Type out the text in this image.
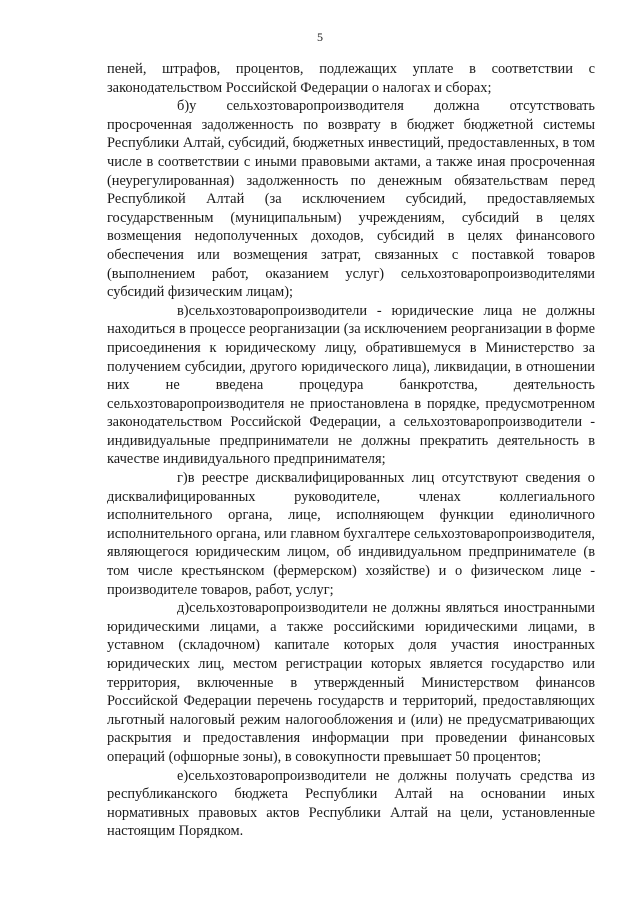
5

пеней, штрафов, процентов, подлежащих уплате в соответствии с законодательством Российской Федерации о налогах и сборах;

б)у сельхозтоваропроизводителя должна отсутствовать просроченная задолженность по возврату в бюджет бюджетной системы Республики Алтай, субсидий, бюджетных инвестиций, предоставленных, в том числе в соответствии с иными правовыми актами, а также иная просроченная (неурегулированная) задолженность по денежным обязательствам перед Республикой Алтай (за исключением субсидий, предоставляемых государственным (муниципальным) учреждениям, субсидий в целях возмещения недополученных доходов, субсидий в целях финансового обеспечения или возмещения затрат, связанных с поставкой товаров (выполнением работ, оказанием услуг) сельхозтоваропроизводителями субсидий физическим лицам);

в)сельхозтоваропроизводители - юридические лица не должны находиться в процессе реорганизации (за исключением реорганизации в форме присоединения к юридическому лицу, обратившемуся в Министерство за получением субсидии, другого юридического лица), ликвидации, в отношении них не введена процедура банкротства, деятельность сельхозтоваропроизводителя не приостановлена в порядке, предусмотренном законодательством Российской Федерации, а сельхозтоваропроизводители - индивидуальные предприниматели не должны прекратить деятельность в качестве индивидуального предпринимателя;

г)в реестре дисквалифицированных лиц отсутствуют сведения о дисквалифицированных руководителе, членах коллегиального исполнительного органа, лице, исполняющем функции единоличного исполнительного органа, или главном бухгалтере сельхозтоваропроизводителя, являющегося юридическим лицом, об индивидуальном предпринимателе (в том числе крестьянском (фермерском) хозяйстве) и о физическом лице - производителе товаров, работ, услуг;

д)сельхозтоваропроизводители не должны являться иностранными юридическими лицами, а также российскими юридическими лицами, в уставном (складочном) капитале которых доля участия иностранных юридических лиц, местом регистрации которых является государство или территория, включенные в утвержденный Министерством финансов Российской Федерации перечень государств и территорий, предоставляющих льготный налоговый режим налогообложения и (или) не предусматривающих раскрытия и предоставления информации при проведении финансовых операций (офшорные зоны), в совокупности превышает 50 процентов;

е)сельхозтоваропроизводители не должны получать средства из республиканского бюджета Республики Алтай на основании иных нормативных правовых актов Республики Алтай на цели, установленные настоящим Порядком.
